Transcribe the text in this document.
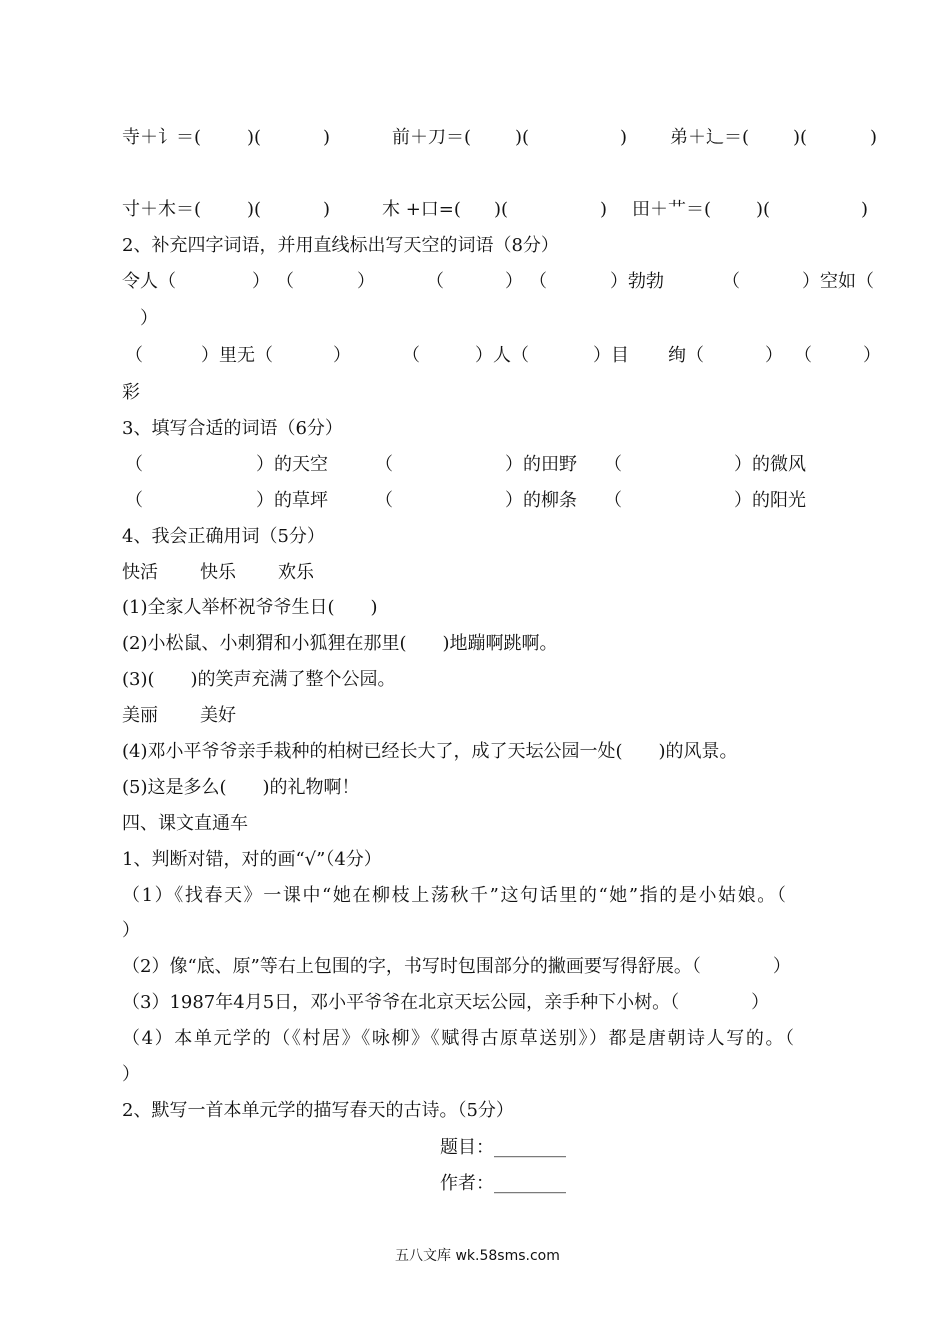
寺＋讠＝(	)(	)	前＋刀＝( )(	) 弟＋辶＝( )(	)
寸＋木＝(	)(	)	木 +口=( )(	) 田＋艹＝( )(	)
2、补充四字词语，并用直线标出写天空的词语（8分）
令人（	） （	）	（	） （	）勃勃	（	）空如（
）
（	）里无（	）	（	）人（	）目 绚（	） （	）
彩
3、填写合适的词语（6分）
（	）的天空	（	）的田野 （	）的微风
（	）的草坪	（	）的柳条 （	）的阳光
4、我会正确用词（5分）
快活 快乐 欢乐
(1)全家人举杯祝爷爷生日(　　)
(2)小松鼠、小刺猬和小狐狸在那里(　　)地蹦啊跳啊。
(3)(　　)的笑声充满了整个公园。
美丽 美好
(4)邓小平爷爷亲手栽种的柏树已经长大了，成了天坛公园一处(　　)的风景。
(5)这是多么(　　)的礼物啊！
四、课文直通车
1、判断对错，对的画“√”（4分）
（1）《找春天》一课中“她在柳枝上荡秋千”这句话里的“她”指的是小姑娘。（
）
（2）像“底、原”等右上包围的字，书写时包围部分的撇画要写得舒展。（　　　　）
（3）1987年4月5日，邓小平爷爷在北京天坛公园，亲手种下小树。（　　　　）
（4）本单元学的（《村居》《咏柳》《赋得古原草送别》）都是唐朝诗人写的。（
）
2、默写一首本单元学的描写春天的古诗。（5分）
题目：________
作者：________
五八文库 wk.58sms.com
